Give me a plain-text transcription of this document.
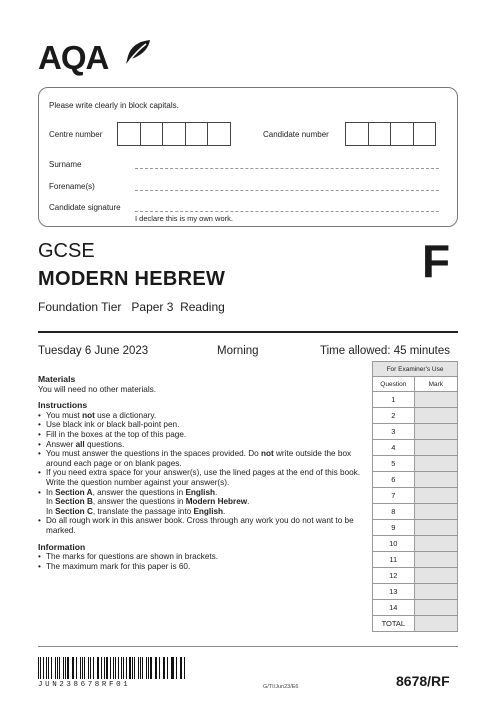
AQA
Please write clearly in block capitals.
Centre number	Candidate number
Surname
Forename(s)
Candidate signature
I declare this is my own work.
GCSE
MODERN HEBREW
Foundation Tier   Paper 3  Reading
F
Tuesday 6 June 2023	Morning	Time allowed: 45 minutes
Materials
You will need no other materials.
Instructions
• You must not use a dictionary.
• Use black ink or black ball-point pen.
• Fill in the boxes at the top of this page.
• Answer all questions.
• You must answer the questions in the spaces provided. Do not write outside the box around each page or on blank pages.
• If you need extra space for your answer(s), use the lined pages at the end of this book. Write the question number against your answer(s).
• In Section A, answer the questions in English.
In Section B, answer the questions in Modern Hebrew.
In Section C, translate the passage into English.
• Do all rough work in this answer book. Cross through any work you do not want to be marked.
Information
• The marks for questions are shown in brackets.
• The maximum mark for this paper is 60.
For Examiner's Use	
Question	Mark
1	
2	
3	
4	
5	
6	
7	
8	
9	
10	
11	
12	
13	
14	
TOTAL	
JUN238678RF01	G/TI/Jun23/E6	8678/RF
